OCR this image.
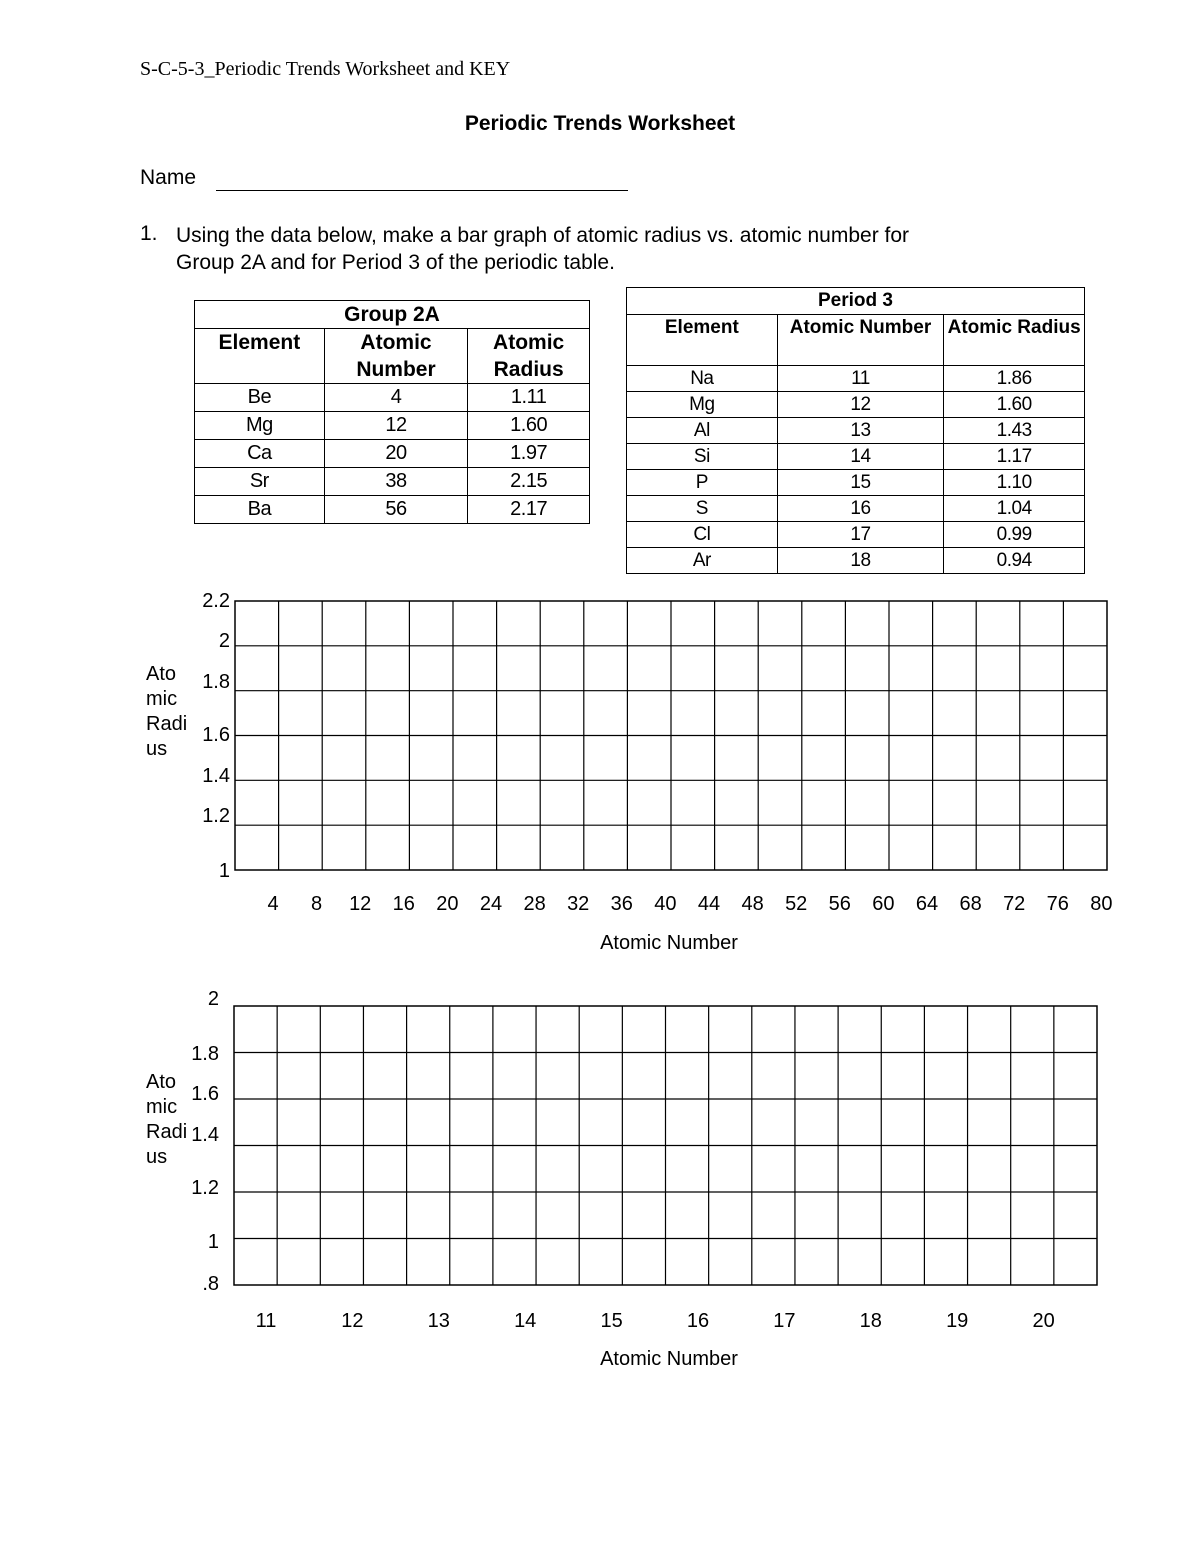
S-C-5-3_Periodic Trends Worksheet and KEY
Periodic Trends Worksheet
Name
1. Using the data below, make a bar graph of atomic radius vs. atomic number for
Group 2A and for Period 3 of the periodic table.
Group 2A		
Element	Atomic Number	Atomic Radius
Be	4	1.11
Mg	12	1.60
Ca	20	1.97
Sr	38	2.15
Ba	56	2.17
Period 3		
Element	Atomic Number	Atomic Radius
Na	11	1.86
Mg	12	1.60
Al	13	1.43
Si	14	1.17
P	15	1.10
S	16	1.04
Cl	17	0.99
Ar	18	0.94
Ato
mic
Radi
us
1
1.2
1.4
1.6
1.8
2
2.2
4 8 12 16 20 24 28 32 36 40 44 48 52 56 60 64 68 72 76 80
Atomic Number
.8
1
1.2
1.4
1.6
1.8
2
11	12	13	14	15	16	17	18	19	20
Atomic Number
Ato
mic
Radi
us
